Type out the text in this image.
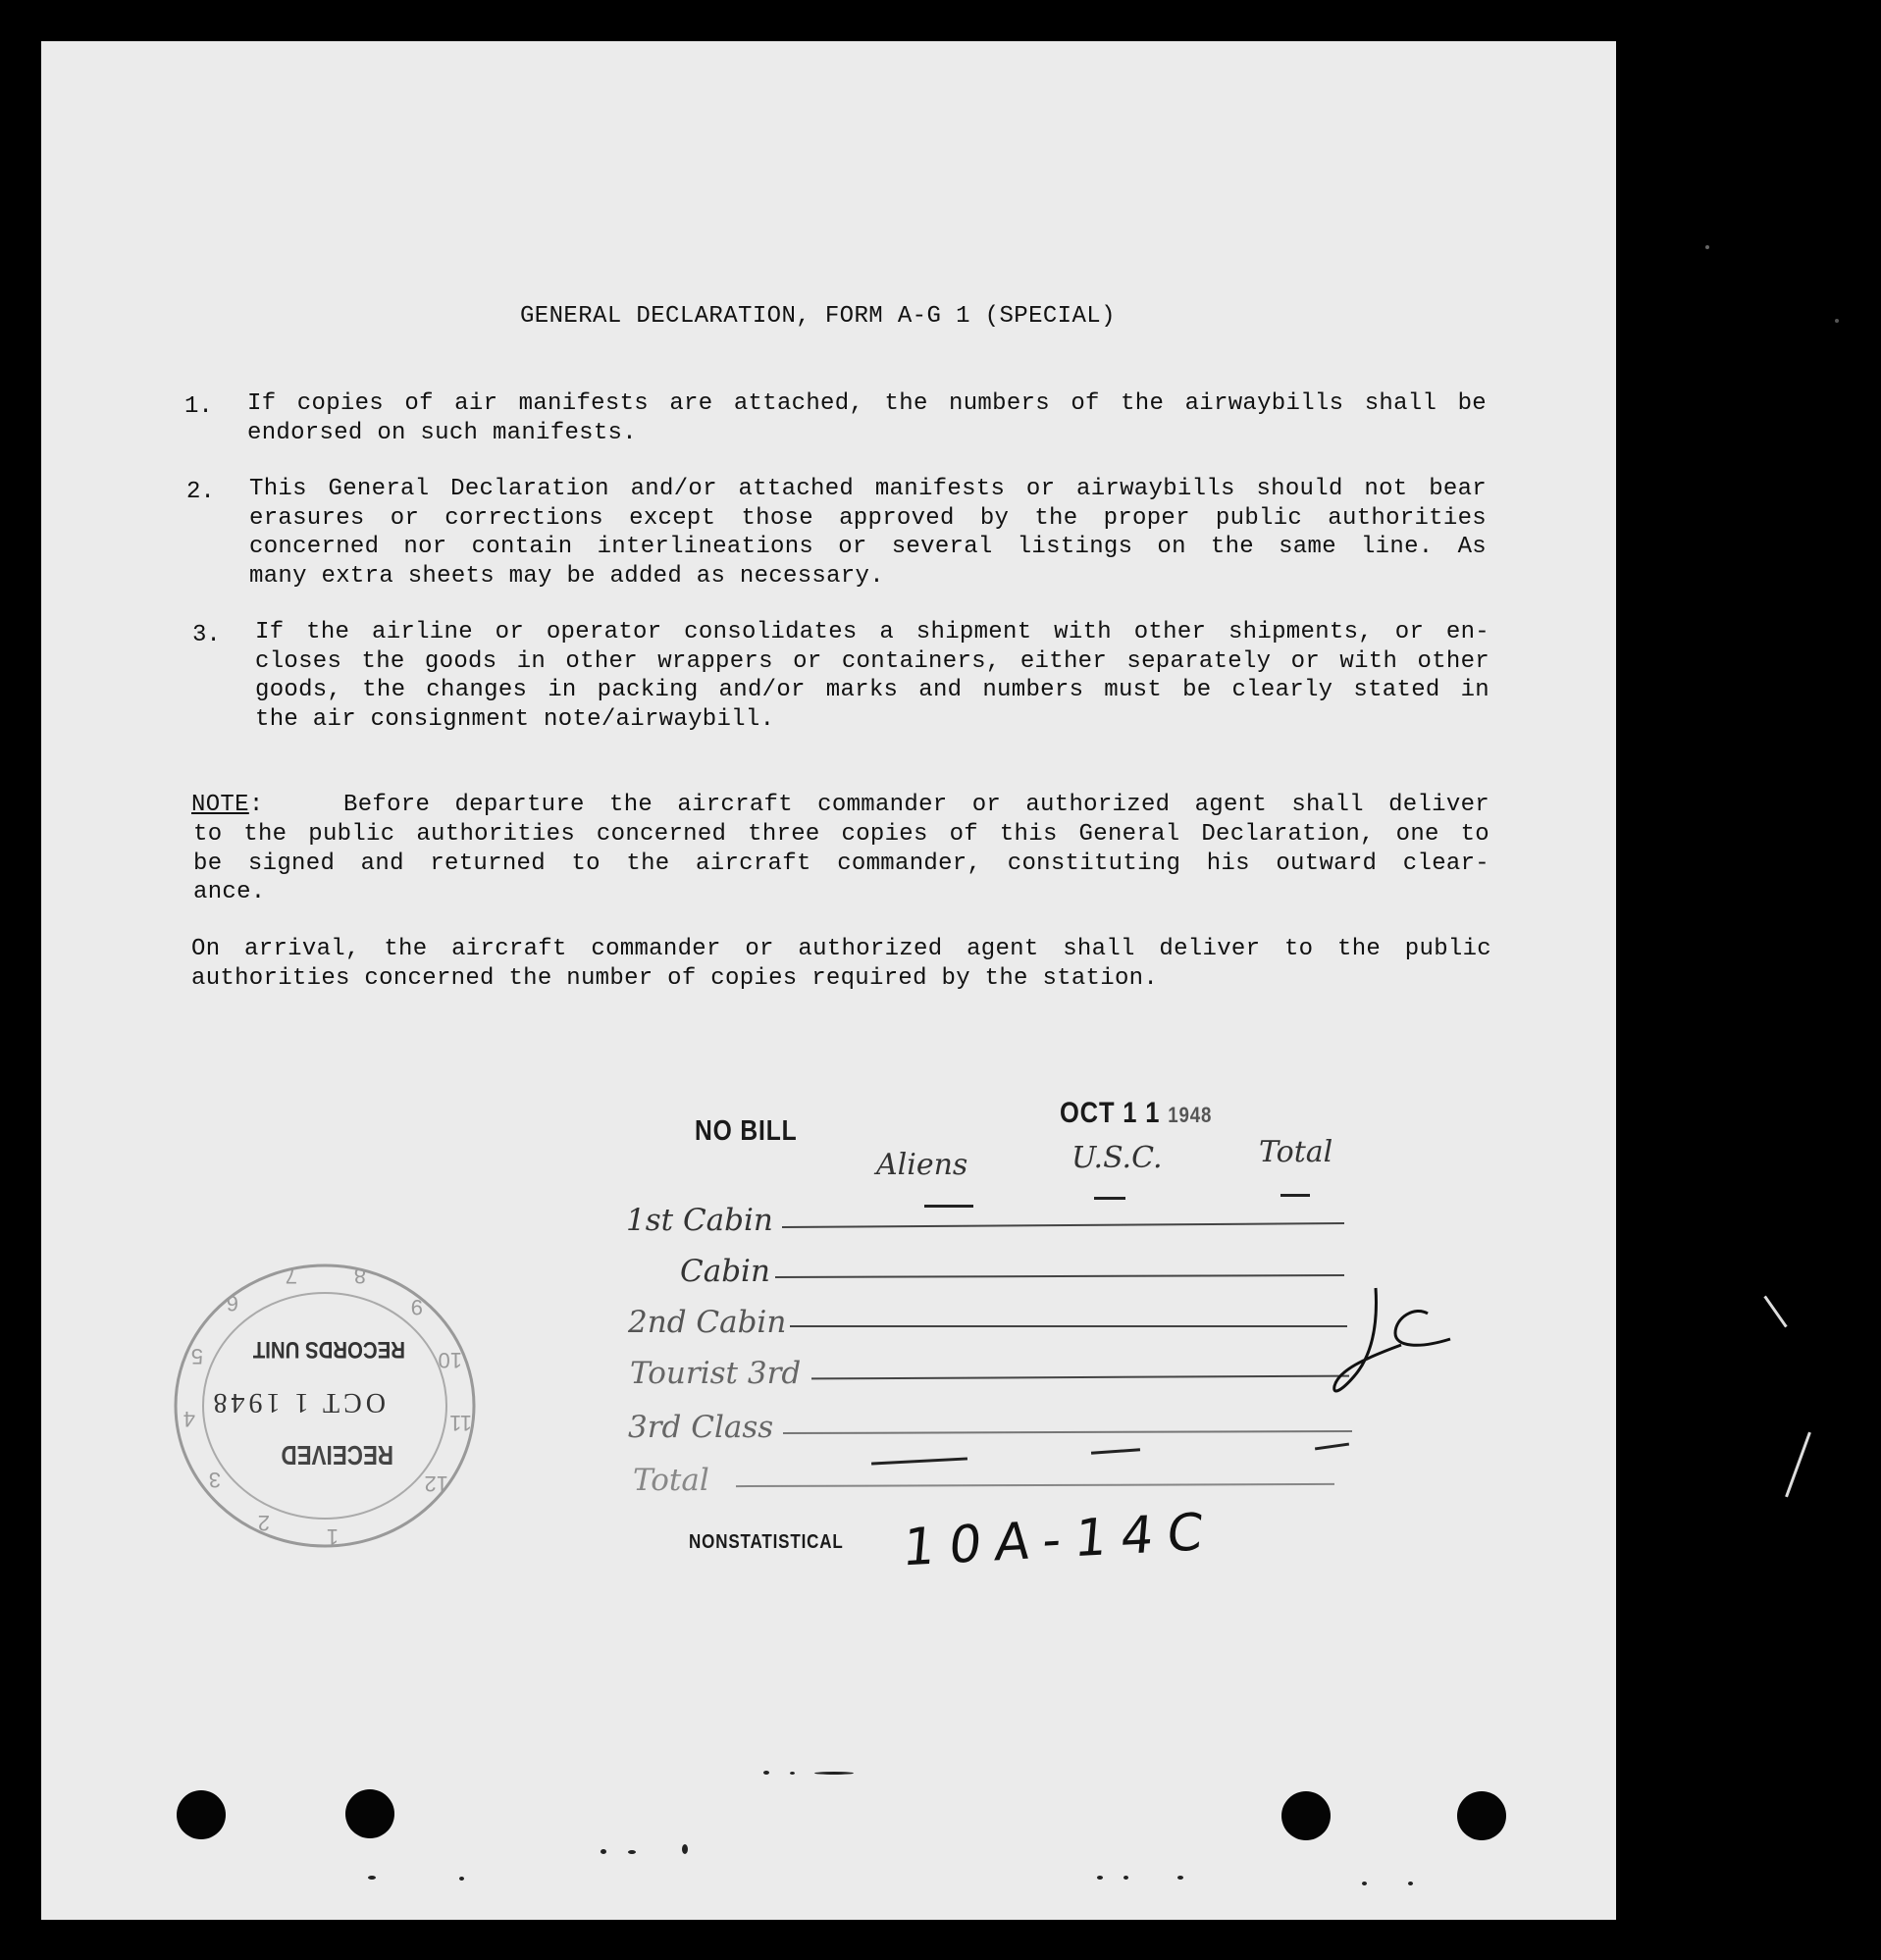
GENERAL DECLARATION, FORM A-G 1 (SPECIAL)
1. If copies of air manifests are attached, the numbers of the airwaybills shall be
endorsed on such manifests.
2. This General Declaration and/or attached manifests or airwaybills should not bear
erasures or corrections except those approved by the proper public authorities
concerned nor contain interlineations or several listings on the same line. As
many extra sheets may be added as necessary.
3. If the airline or operator consolidates a shipment with other shipments, or en-
closes the goods in other wrappers or containers, either separately or with other
goods, the changes in packing and/or marks and numbers must be clearly stated in
the air consignment note/airwaybill.
NOTE:	Before departure the aircraft commander or authorized agent shall deliver
to the public authorities concerned three copies of this General Declaration, one to
be signed and returned to the aircraft commander, constituting his outward clear-
ance.
On arrival, the aircraft commander or authorized agent shall deliver to the public
authorities concerned the number of copies required by the station.
NO BILL
OCT 1 1 1948
Aliens	U.S.C.	Total
1st Cabin
Cabin
2nd Cabin
Tourist 3rd
3rd Class
Total
NONSTATISTICAL 10A-14C
JC
1
2
3
4
5
6
7	8
9
10
11
12
RECEIVED
OCT 1 1948
RECORDS UNIT
